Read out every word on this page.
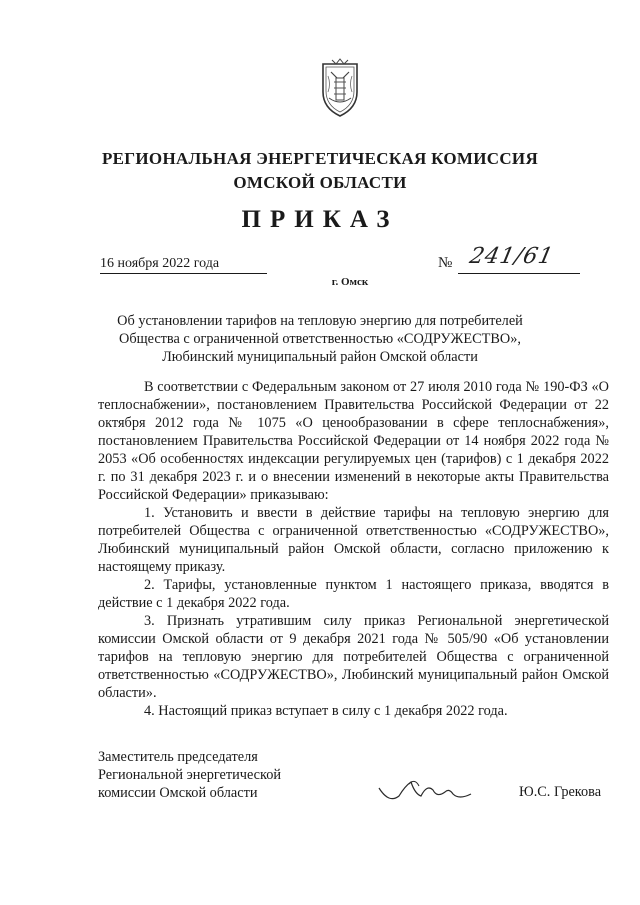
РЕГИОНАЛЬНАЯ ЭНЕРГЕТИЧЕСКАЯ КОМИССИЯ
ОМСКОЙ ОБЛАСТИ
ПРИКАЗ
16 ноября 2022 года	№ 241/61
г. Омск
Об установлении тарифов на тепловую энергию для потребителей
Общества с ограниченной ответственностью «СОДРУЖЕСТВО»,
Любинский муниципальный район Омской области

В соответствии с Федеральным законом от 27 июля 2010 года № 190-ФЗ «О теплоснабжении», постановлением Правительства Российской Федерации от 22 октября 2012 года № 1075 «О ценообразовании в сфере теплоснабжения», постановлением Правительства Российской Федерации от 14 ноября 2022 года № 2053 «Об особенностях индексации регулируемых цен (тарифов) с 1 декабря 2022 г. по 31 декабря 2023 г. и о внесении изменений в некоторые акты Правительства Российской Федерации» приказываю:

1. Установить и ввести в действие тарифы на тепловую энергию для потребителей Общества с ограниченной ответственностью «СОДРУЖЕСТВО», Любинский муниципальный район Омской области, согласно приложению к настоящему приказу.

2. Тарифы, установленные пунктом 1 настоящего приказа, вводятся в действие с 1 декабря 2022 года.

3. Признать утратившим силу приказ Региональной энергетической комиссии Омской области от 9 декабря 2021 года № 505/90 «Об установлении тарифов на тепловую энергию для потребителей Общества с ограниченной ответственностью «СОДРУЖЕСТВО», Любинский муниципальный район Омской области».

4. Настоящий приказ вступает в силу с 1 декабря 2022 года.

Заместитель председателя
Региональной энергетической
комиссии Омской области	Ю.С. Грекова
